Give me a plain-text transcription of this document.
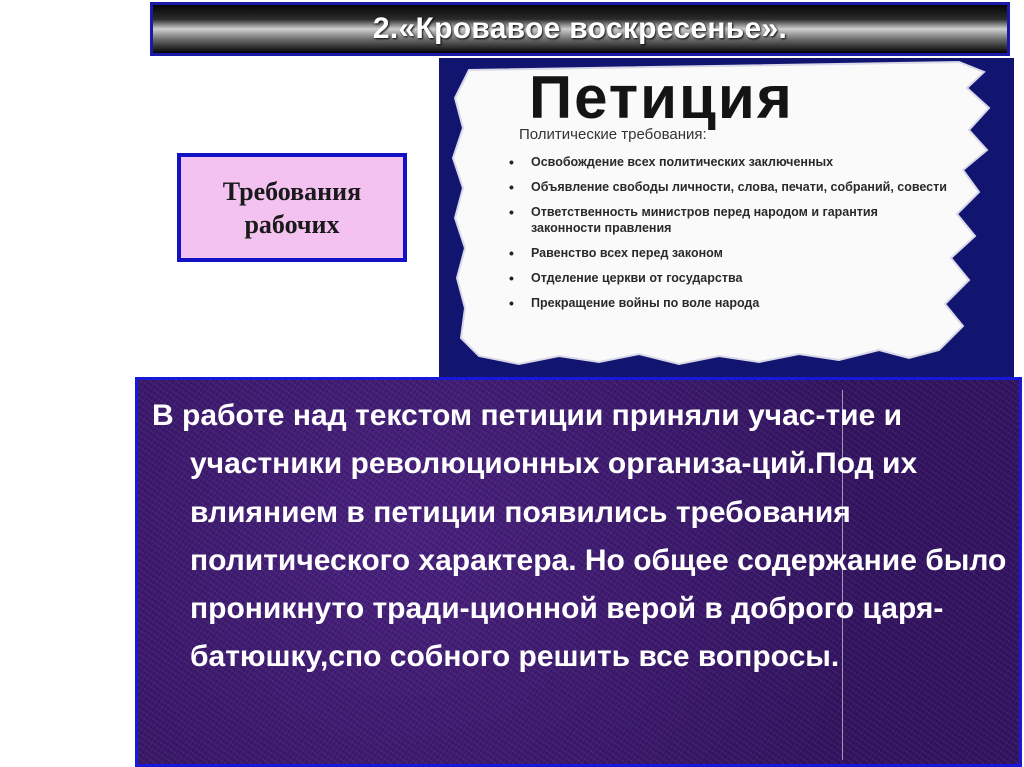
2.«Кровавое воскресенье».
Требования
рабочих
Петиция
Политические требования:
• Освобождение всех политических заключенных
• Объявление свободы личности, слова, печати, собраний, совести
• Ответственность министров перед народом и гарантия законности правления
• Равенство всех перед законом
• Отделение церкви от государства
• Прекращение войны по воле народа

В работе над текстом петиции приняли учас-тие и участники революционных организа-ций.Под их влиянием в петиции появились требования политического характера. Но общее содержание было проникнуто тради-ционной верой в доброго царя-батюшку,спо собного решить все вопросы.
